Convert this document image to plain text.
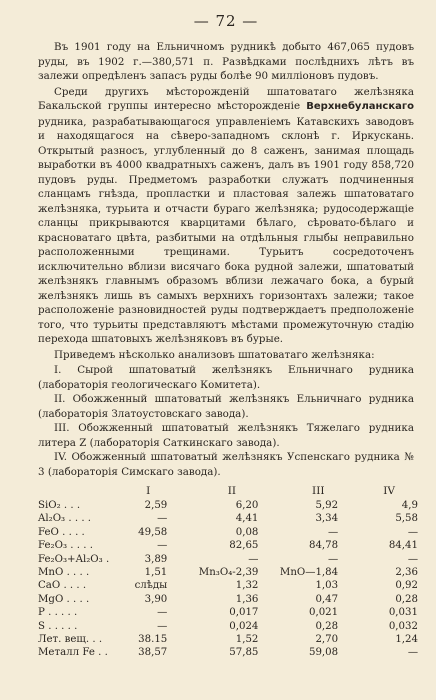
— 72 —

Въ 1901 году на Ельничномъ рудникѣ добыто 467,065 пудовъ руды, въ 1902 г.—380,571 п. Развѣдками послѣднихъ лѣтъ въ залежи опредѣленъ запасъ руды болѣе 90 милліоновъ пудовъ.

Среди другихъ мѣсторожденій шпатоватаго желѣзняка Бакальской группы интересно мѣсторожденіе Верхнебуланскаго рудника, разрабатывающагося управленіемъ Катавскихъ заводовъ и находящагося на сѣверо-западномъ склонѣ г. Иркускань. Открытый разносъ, углубленный до 8 саженъ, занимая площадь выработки въ 4000 квадратныхъ саженъ, далъ въ 1901 году 858,720 пудовъ руды. Предметомъ разработки служатъ подчиненныя сланцамъ гнѣзда, пропластки и пластовая залежь шпатоватаго желѣзняка, турьита и отчасти бураго желѣзняка; рудосодержащіе сланцы прикрываются кварцитами бѣлаго, сѣровато-бѣлаго и красноватаго цвѣта, разбитыми на отдѣльныя глыбы неправильно расположенными трещинами. Турьитъ сосредоточенъ исключительно вблизи висячаго бока рудной залежи, шпатоватый желѣзнякъ главнымъ образомъ вблизи лежачаго бока, а бурый желѣзнякъ лишь въ самыхъ верхнихъ горизонтахъ залежи; такое расположеніе разновидностей руды подтверждаетъ предположеніе того, что турьиты представляютъ мѣстами промежуточную стадію перехода шпатовыхъ желѣзняковъ въ бурые.

Приведемъ нѣсколько анализовъ шпатоватаго желѣзняка:

I. Сырой шпатоватый желѣзнякъ Ельничнаго рудника (лабораторія геологическаго Комитета).

II. Обожженный шпатоватый желѣзнякъ Ельничнаго рудника (лабораторія Златоустовскаго завода).

III. Обожженный шпатоватый желѣзнякъ Тяжелаго рудника литера Z (лабораторія Саткинскаго завода).

IV. Обожженный шпатоватый желѣзнякъ Успенскаго рудника № 3 (лабораторія Симскаго завода).

	I	II	III	IV
SiO₂ . . .	2,59	6,20	5,92	4,9
Al₂O₃ . . . .	—	4,41	3,34	5,58
FeO . . . .	49,58	0,08	—	—
Fe₂O₃ . . . .	—	82,65	84,78	84,41
Fe₂O₃+Al₂O₃ .	3,89	—	—	—
MnO . . . .	1,51	Mn₃O₄-2,39	MnO—1,84	2,36
CaO . . . .	слѣды	1,32	1,03	0,92
MgO . . . .	3,90	1,36	0,47	0,28
P . . . . .	—	0,017	0,021	0,031
S . . . . .	—	0,024	0,28	0,032
Лет. вещ. . .	38.15	1,52	2,70	1,24
Металл Fe . .	38,57	57,85	59,08	—
